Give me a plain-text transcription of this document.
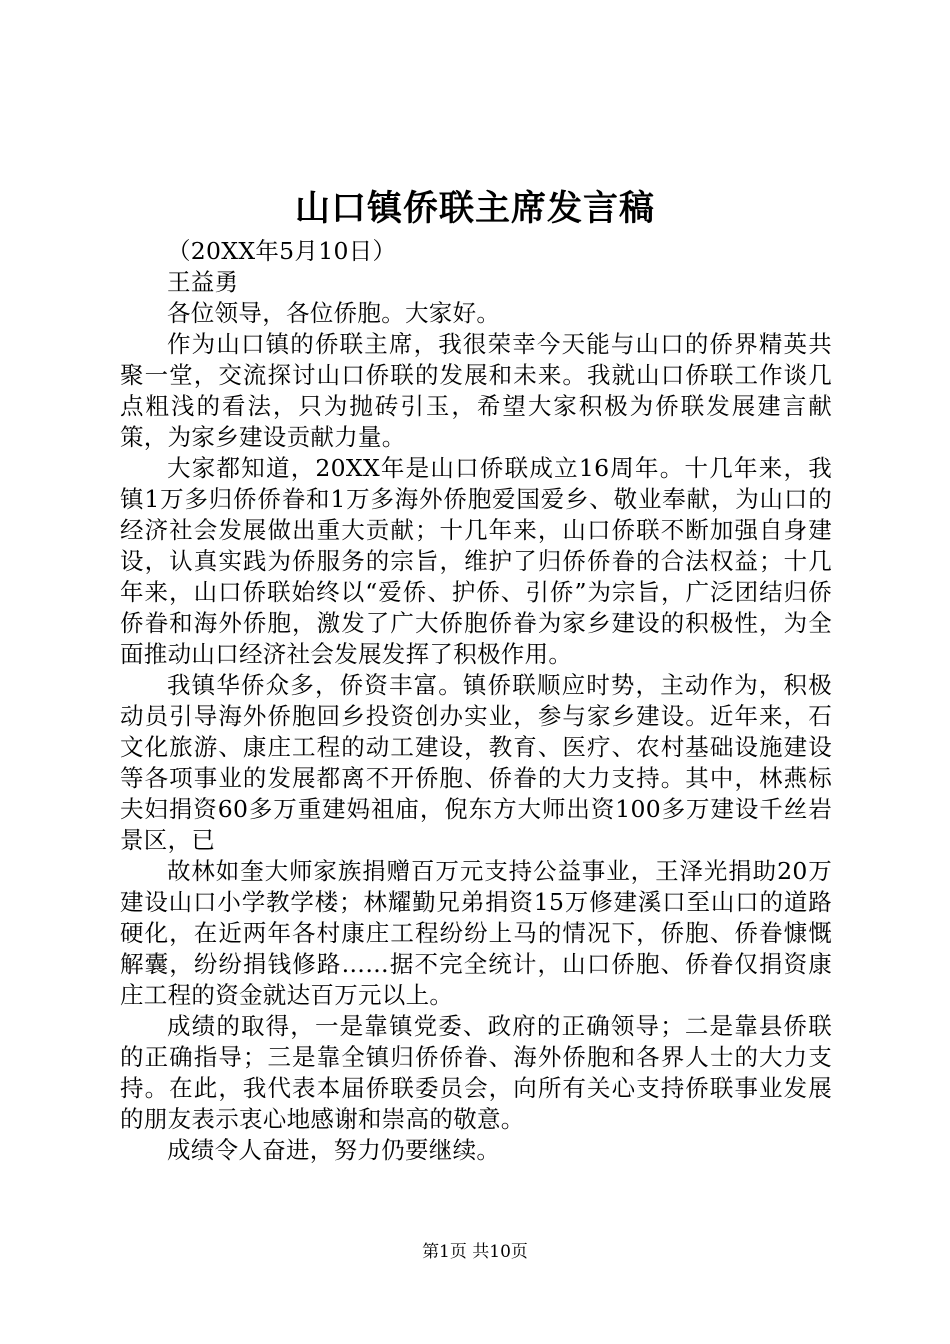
山口镇侨联主席发言稿

（20XX年5月10日）

王益勇

各位领导，各位侨胞。大家好。

作为山口镇的侨联主席，我很荣幸今天能与山口的侨界精英共聚一堂，交流探讨山口侨联的发展和未来。我就山口侨联工作谈几点粗浅的看法，只为抛砖引玉，希望大家积极为侨联发展建言献策，为家乡建设贡献力量。

大家都知道，20XX年是山口侨联成立16周年。十几年来，我镇1万多归侨侨眷和1万多海外侨胞爱国爱乡、敬业奉献，为山口的经济社会发展做出重大贡献；十几年来，山口侨联不断加强自身建设，认真实践为侨服务的宗旨，维护了归侨侨眷的合法权益；十几年来，山口侨联始终以“爱侨、护侨、引侨”为宗旨，广泛团结归侨侨眷和海外侨胞，激发了广大侨胞侨眷为家乡建设的积极性，为全面推动山口经济社会发展发挥了积极作用。

我镇华侨众多，侨资丰富。镇侨联顺应时势，主动作为，积极动员引导海外侨胞回乡投资创办实业，参与家乡建设。近年来，石文化旅游、康庄工程的动工建设，教育、医疗、农村基础设施建设等各项事业的发展都离不开侨胞、侨眷的大力支持。其中，林燕标夫妇捐资60多万重建妈祖庙，倪东方大师出资100多万建设千丝岩景区，已

故林如奎大师家族捐赠百万元支持公益事业，王泽光捐助20万建设山口小学教学楼；林耀勤兄弟捐资15万修建溪口至山口的道路硬化，在近两年各村康庄工程纷纷上马的情况下，侨胞、侨眷慷慨解囊，纷纷捐钱修路……据不完全统计，山口侨胞、侨眷仅捐资康庄工程的资金就达百万元以上。

成绩的取得，一是靠镇党委、政府的正确领导；二是靠县侨联的正确指导；三是靠全镇归侨侨眷、海外侨胞和各界人士的大力支持。在此，我代表本届侨联委员会，向所有关心支持侨联事业发展的朋友表示衷心地感谢和崇高的敬意。

成绩令人奋进，努力仍要继续。

第1页 共10页
